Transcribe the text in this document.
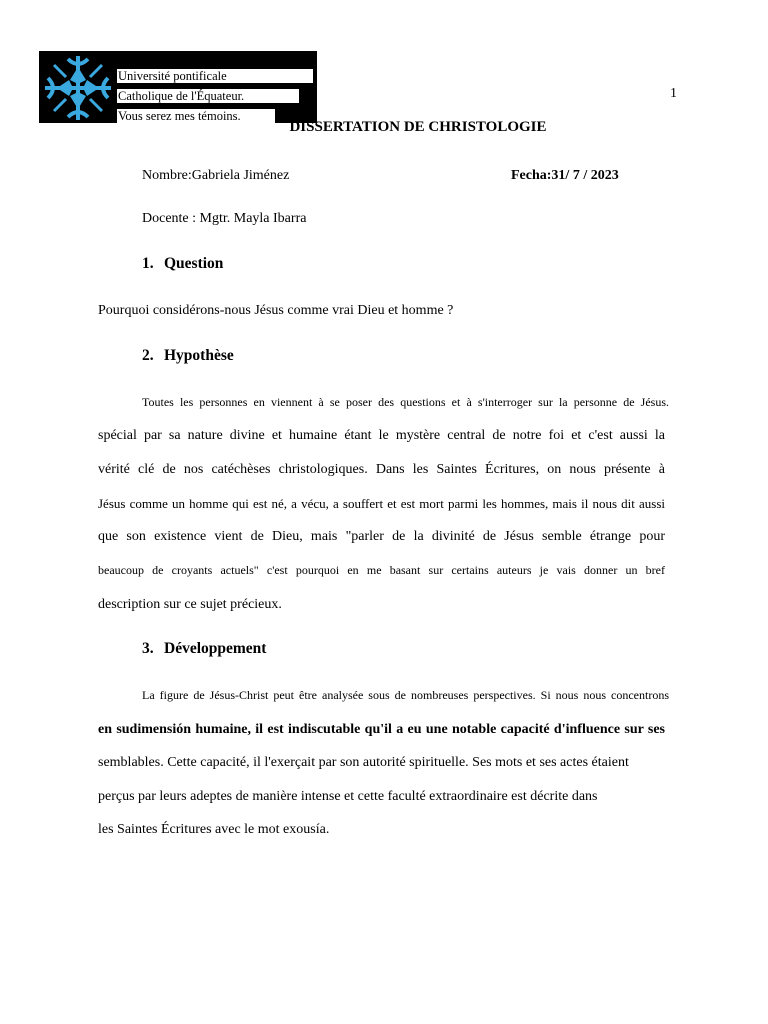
Université pontificale
Catholique de l'Équateur.
Vous serez mes témoins.
1
DISSERTATION DE CHRISTOLOGIE
Nombre:Gabriela Jiménez	Fecha:31/ 7 / 2023
Docente : Mgtr. Mayla Ibarra
1. Question
Pourquoi considérons-nous Jésus comme vrai Dieu et homme ?
2. Hypothèse
Toutes les personnes en viennent à se poser des questions et à s'interroger sur la personne de Jésus.
spécial par sa nature divine et humaine étant le mystère central de notre foi et c'est aussi la
vérité clé de nos catéchèses christologiques. Dans les Saintes Écritures, on nous présente à
Jésus comme un homme qui est né, a vécu, a souffert et est mort parmi les hommes, mais il nous dit aussi
que son existence vient de Dieu, mais "parler de la divinité de Jésus semble étrange pour
beaucoup de croyants actuels" c'est pourquoi en me basant sur certains auteurs je vais donner un bref
description sur ce sujet précieux.
3. Développement
La figure de Jésus-Christ peut être analysée sous de nombreuses perspectives. Si nous nous concentrons
en sudimensión humaine, il est indiscutable qu'il a eu une notable capacité d'influence sur ses
semblables. Cette capacité, il l'exerçait par son autorité spirituelle. Ses mots et ses actes étaient
perçus par leurs adeptes de manière intense et cette faculté extraordinaire est décrite dans
les Saintes Écritures avec le mot exousía.
